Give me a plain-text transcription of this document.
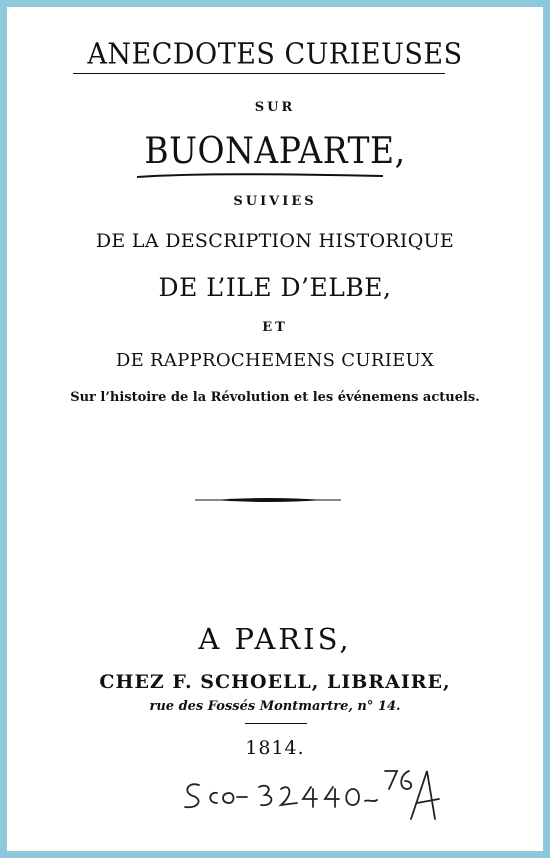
ANECDOTES CURIEUSES
SUR
BUONAPARTE,
SUIVIES
DE LA DESCRIPTION HISTORIQUE
DE L’ILE D’ELBE,
ET
DE RAPPROCHEMENS CURIEUX
Sur l’histoire de la Révolution et les événemens actuels.
A PARIS,
CHEZ F. SCHOELL, LIBRAIRE,
rue des Fossés Montmartre, n° 14.
1814.
